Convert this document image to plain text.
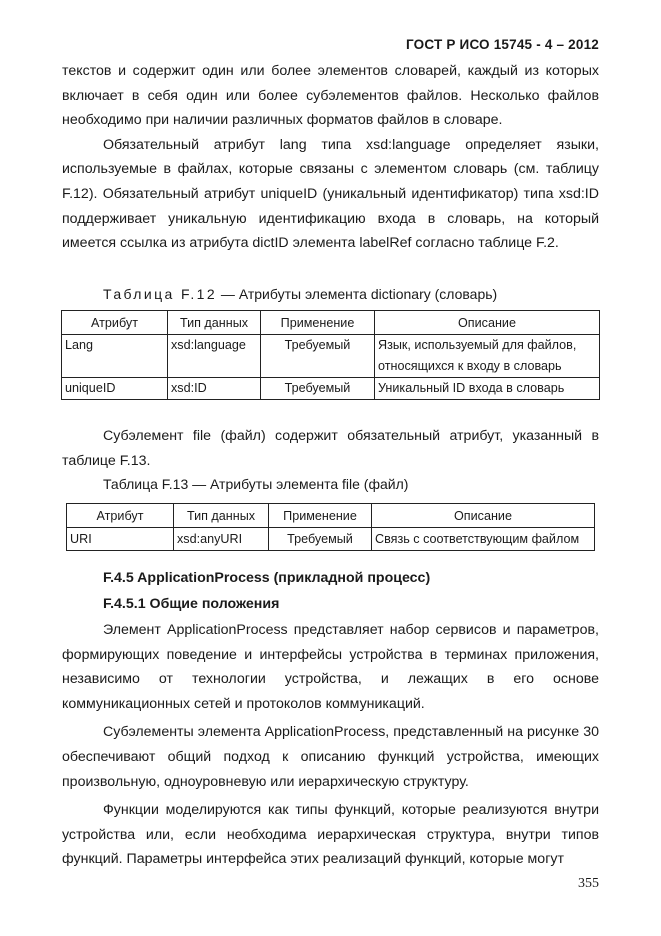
ГОСТ Р ИСО 15745 - 4 – 2012

текстов и содержит один или более элементов словарей, каждый из которых включает в себя один или более субэлементов файлов. Несколько файлов необходимо при наличии различных форматов файлов в словаре.

Обязательный атрибут lang типа xsd:language определяет языки, используемые в файлах, которые связаны с элементом словарь (см. таблицу F.12). Обязательный атрибут uniqueID (уникальный идентификатор) типа xsd:ID поддерживает уникальную идентификацию входа в словарь, на который имеется ссылка из атрибута dictID элемента labelRef согласно таблице F.2.

Таблица F.12 — Атрибуты элемента dictionary (словарь)
Атрибут	Тип данных	Применение	Описание
Lang	xsd:language	Требуемый	Язык, используемый для файлов,
относящихся к входу в словарь

uniqueID	xsd:ID	Требуемый	Уникальный ID входа в словарь

Субэлемент file (файл) содержит обязательный атрибут, указанный в таблице F.13.

Таблица F.13 — Атрибуты элемента file (файл)
Атрибут	Тип данных	Применение	Описание
URI	xsd:anyURI	Требуемый	Связь с соответствующим файлом
F.4.5 ApplicationProcess (прикладной процесс)
F.4.5.1 Общие положения

Элемент ApplicationProcess представляет набор сервисов и параметров, формирующих поведение и интерфейсы устройства в терминах приложения, независимо от технологии устройства, и лежащих в его основе коммуникационных сетей и протоколов коммуникаций.

Субэлементы элемента ApplicationProcess, представленный на рисунке 30 обеспечивают общий подход к описанию функций устройства, имеющих произвольную, одноуровневую или иерархическую структуру.

Функции моделируются как типы функций, которые реализуются внутри устройства или, если необходима иерархическая структура, внутри типов функций. Параметры интерфейса этих реализаций функций, которые могут

355
